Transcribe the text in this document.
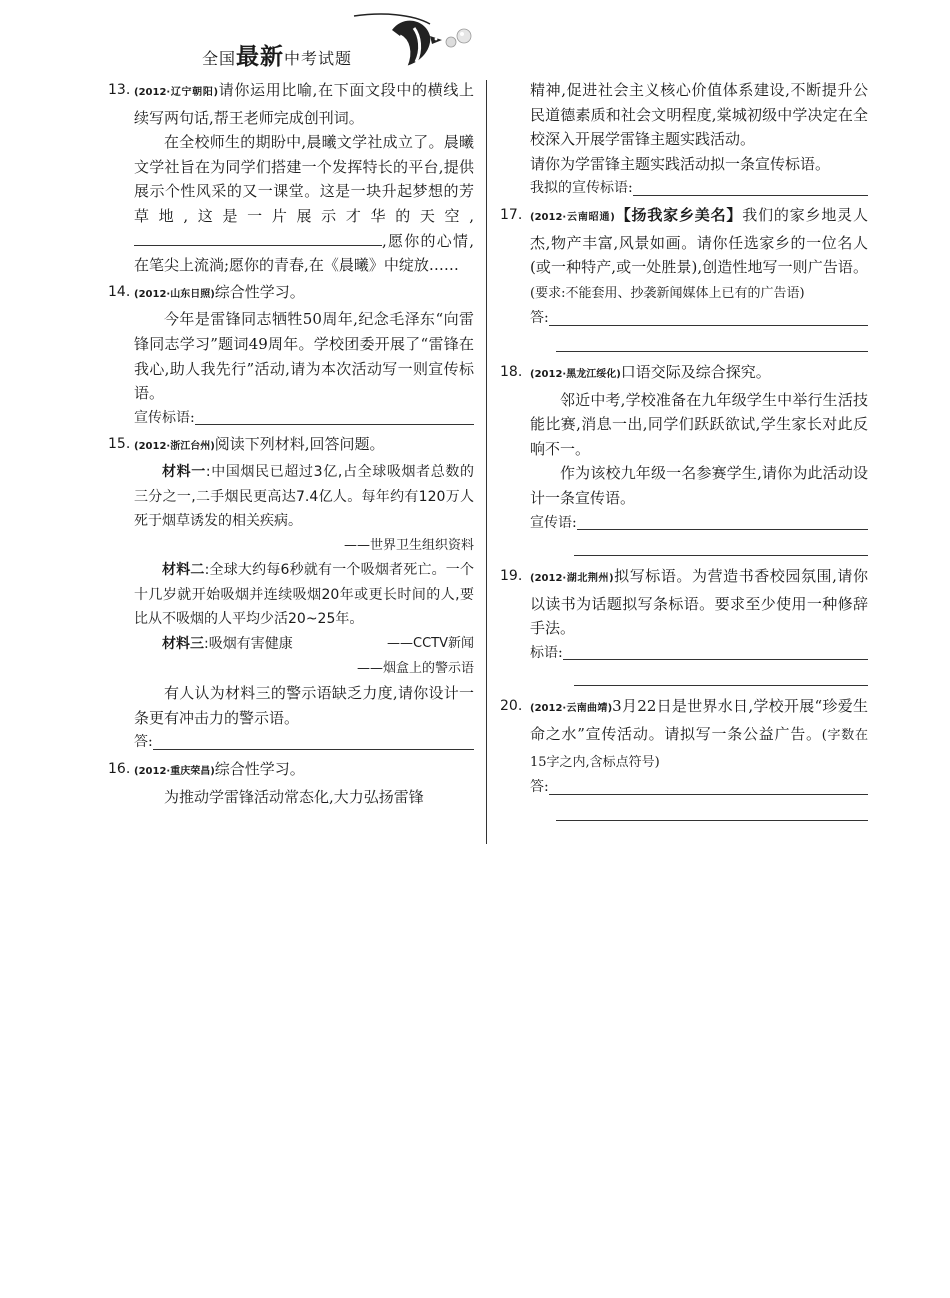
全国最新中考试题
13. (2012·辽宁朝阳)请你运用比喻,在下面文段中的横线上续写两句话,帮王老师完成创刊词。

在全校师生的期盼中,晨曦文学社成立了。晨曦文学社旨在为同学们搭建一个发挥特长的平台,提供展示个性风采的又一课堂。这是一块升起梦想的芳草地,这是一片展示才华的天空,,愿你的心情,在笔尖上流淌;愿你的青春,在《晨曦》中绽放……

14. (2012·山东日照)综合性学习。

今年是雷锋同志牺牲50周年,纪念毛泽东“向雷锋同志学习”题词49周年。学校团委开展了“雷锋在我心,助人我先行”活动,请为本次活动写一则宣传标语。

宣传标语:
15. (2012·浙江台州)阅读下列材料,回答问题。

材料一:中国烟民已超过3亿,占全球吸烟者总数的三分之一,二手烟民更高达7.4亿人。每年约有120万人死于烟草诱发的相关疾病。

——世界卫生组织资料

材料二:全球大约每6秒就有一个吸烟者死亡。一个十几岁就开始吸烟并连续吸烟20年或更长时间的人,要比从不吸烟的人平均少活20~25年。
——CCTV新闻

材料三:吸烟有害健康

——烟盒上的警示语

有人认为材料三的警示语缺乏力度,请你设计一条更有冲击力的警示语。

答:
16. (2012·重庆荣昌)综合性学习。

为推动学雷锋活动常态化,大力弘扬雷锋

精神,促进社会主义核心价值体系建设,不断提升公民道德素质和社会文明程度,棠城初级中学决定在全校深入开展学雷锋主题实践活动。

请你为学雷锋主题实践活动拟一条宣传标语。

我拟的宣传标语:
17. (2012·云南昭通)【扬我家乡美名】我们的家乡地灵人杰,物产丰富,风景如画。请你任选家乡的一位名人(或一种特产,或一处胜景),创造性地写一则广告语。(要求:不能套用、抄袭新闻媒体上已有的广告语)

答:
18. (2012·黑龙江绥化)口语交际及综合探究。

邻近中考,学校准备在九年级学生中举行生活技能比赛,消息一出,同学们跃跃欲试,学生家长对此反响不一。

作为该校九年级一名参赛学生,请你为此活动设计一条宣传语。

宣传语:
19. (2012·湖北荆州)拟写标语。为营造书香校园氛围,请你以读书为话题拟写条标语。要求至少使用一种修辞手法。

标语:
20. (2012·云南曲靖)3月22日是世界水日,学校开展“珍爱生命之水”宣传活动。请拟写一条公益广告。(字数在15字之内,含标点符号)

答:
